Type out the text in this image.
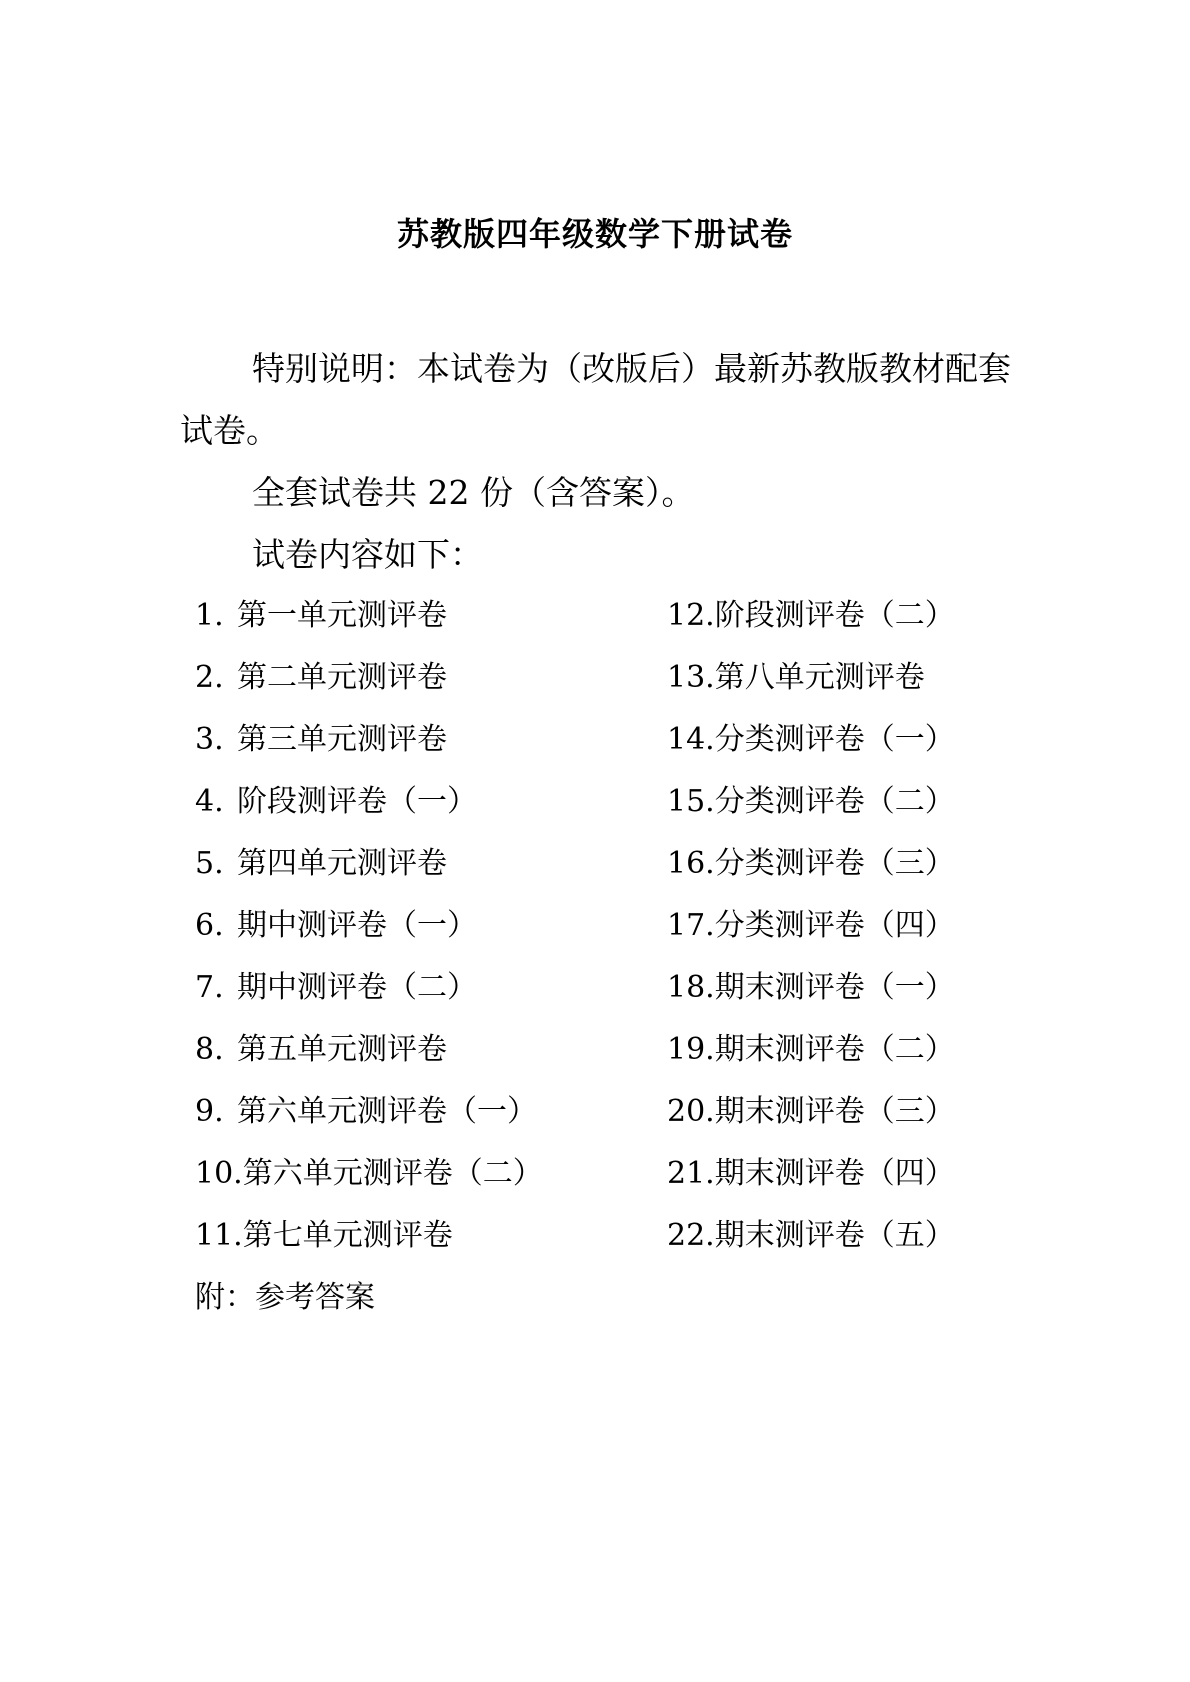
苏教版四年级数学下册试卷

特别说明：本试卷为（改版后）最新苏教版教材配套试卷。

全套试卷共 22 份（含答案）。

试卷内容如下：

1. 第一单元测评卷
2. 第二单元测评卷
3. 第三单元测评卷
4. 阶段测评卷（一）
5. 第四单元测评卷
6. 期中测评卷（一）
7. 期中测评卷（二）
8. 第五单元测评卷
9. 第六单元测评卷（一）
10.第六单元测评卷（二）
11.第七单元测评卷
12.阶段测评卷（二）
13.第八单元测评卷
14.分类测评卷（一）
15.分类测评卷（二）
16.分类测评卷（三）
17.分类测评卷（四）
18.期末测评卷（一）
19.期末测评卷（二）
20.期末测评卷（三）
21.期末测评卷（四）
22.期末测评卷（五）
附：参考答案
